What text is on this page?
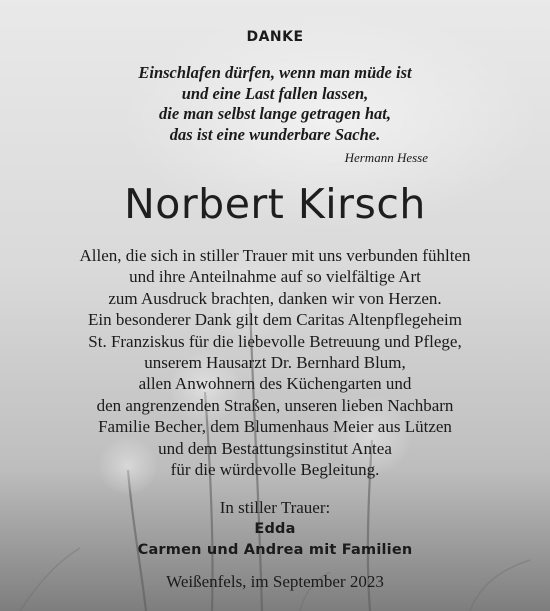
DANKE
Einschlafen dürfen, wenn man müde ist
und eine Last fallen lassen,
die man selbst lange getragen hat,
das ist eine wunderbare Sache.
Hermann Hesse
Norbert Kirsch
Allen, die sich in stiller Trauer mit uns verbunden fühlten
und ihre Anteilnahme auf so vielfältige Art
zum Ausdruck brachten, danken wir von Herzen.
Ein besonderer Dank gilt dem Caritas Altenpflegeheim
St. Franziskus für die liebevolle Betreuung und Pflege,
unserem Hausarzt Dr. Bernhard Blum,
allen Anwohnern des Küchengarten und
den angrenzenden Straßen, unseren lieben Nachbarn
Familie Becher, dem Blumenhaus Meier aus Lützen
und dem Bestattungsinstitut Antea
für die würdevolle Begleitung.
In stiller Trauer:
Edda
Carmen und Andrea mit Familien
Weißenfels, im September 2023
